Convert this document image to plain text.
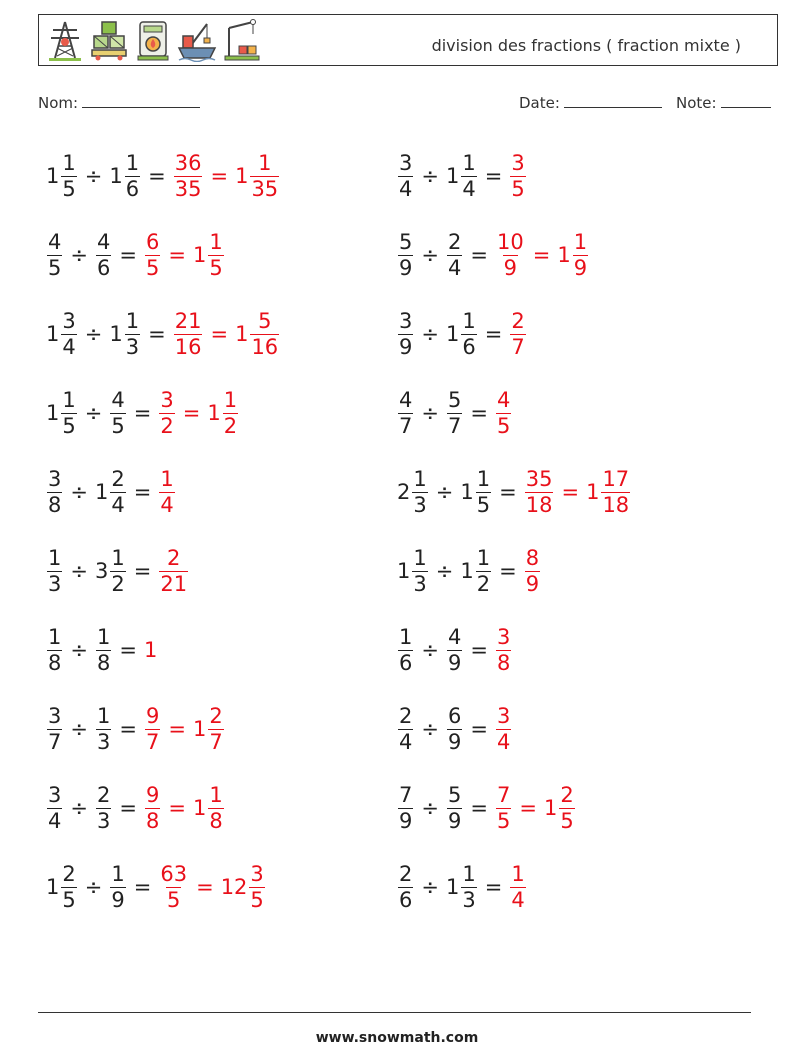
division des fractions ( fraction mixte )
Nom:	Date:	Note:
$1 \frac{1}{5} \div 1 \frac{1}{6} = \frac{36}{35} = 1 \frac{1}{35}$	$\frac{3}{4} \div 1 \frac{1}{4} = \frac{3}{5}$
$\frac{4}{5} \div \frac{4}{6} = \frac{6}{5} = 1 \frac{1}{5}$	$\frac{5}{9} \div \frac{2}{4} = \frac{10}{9} = 1 \frac{1}{9}$
$1 \frac{3}{4} \div 1 \frac{1}{3} = \frac{21}{16} = 1 \frac{5}{16}$	$\frac{3}{9} \div 1 \frac{1}{6} = \frac{2}{7}$
$1 \frac{1}{5} \div \frac{4}{5} = \frac{3}{2} = 1 \frac{1}{2}$	$\frac{4}{7} \div \frac{5}{7} = \frac{4}{5}$
$\frac{3}{8} \div 1 \frac{2}{4} = \frac{1}{4}$	$2 \frac{1}{3} \div 1 \frac{1}{5} = \frac{35}{18} = 1 \frac{17}{18}$
$\frac{1}{3} \div 3 \frac{1}{2} = \frac{2}{21}$	$1 \frac{1}{3} \div 1 \frac{1}{2} = \frac{8}{9}$
$\frac{1}{8} \div \frac{1}{8} = 1$	$\frac{1}{6} \div \frac{4}{9} = \frac{3}{8}$
$\frac{3}{7} \div \frac{1}{3} = \frac{9}{7} = 1 \frac{2}{7}$	$\frac{2}{4} \div \frac{6}{9} = \frac{3}{4}$
$\frac{3}{4} \div \frac{2}{3} = \frac{9}{8} = 1 \frac{1}{8}$	$\frac{7}{9} \div \frac{5}{9} = \frac{7}{5} = 1 \frac{2}{5}$
$1 \frac{2}{5} \div \frac{1}{9} = \frac{63}{5} = 12 \frac{3}{5}$	$\frac{2}{6} \div 1 \frac{1}{3} = \frac{1}{4}$
www.snowmath.com
